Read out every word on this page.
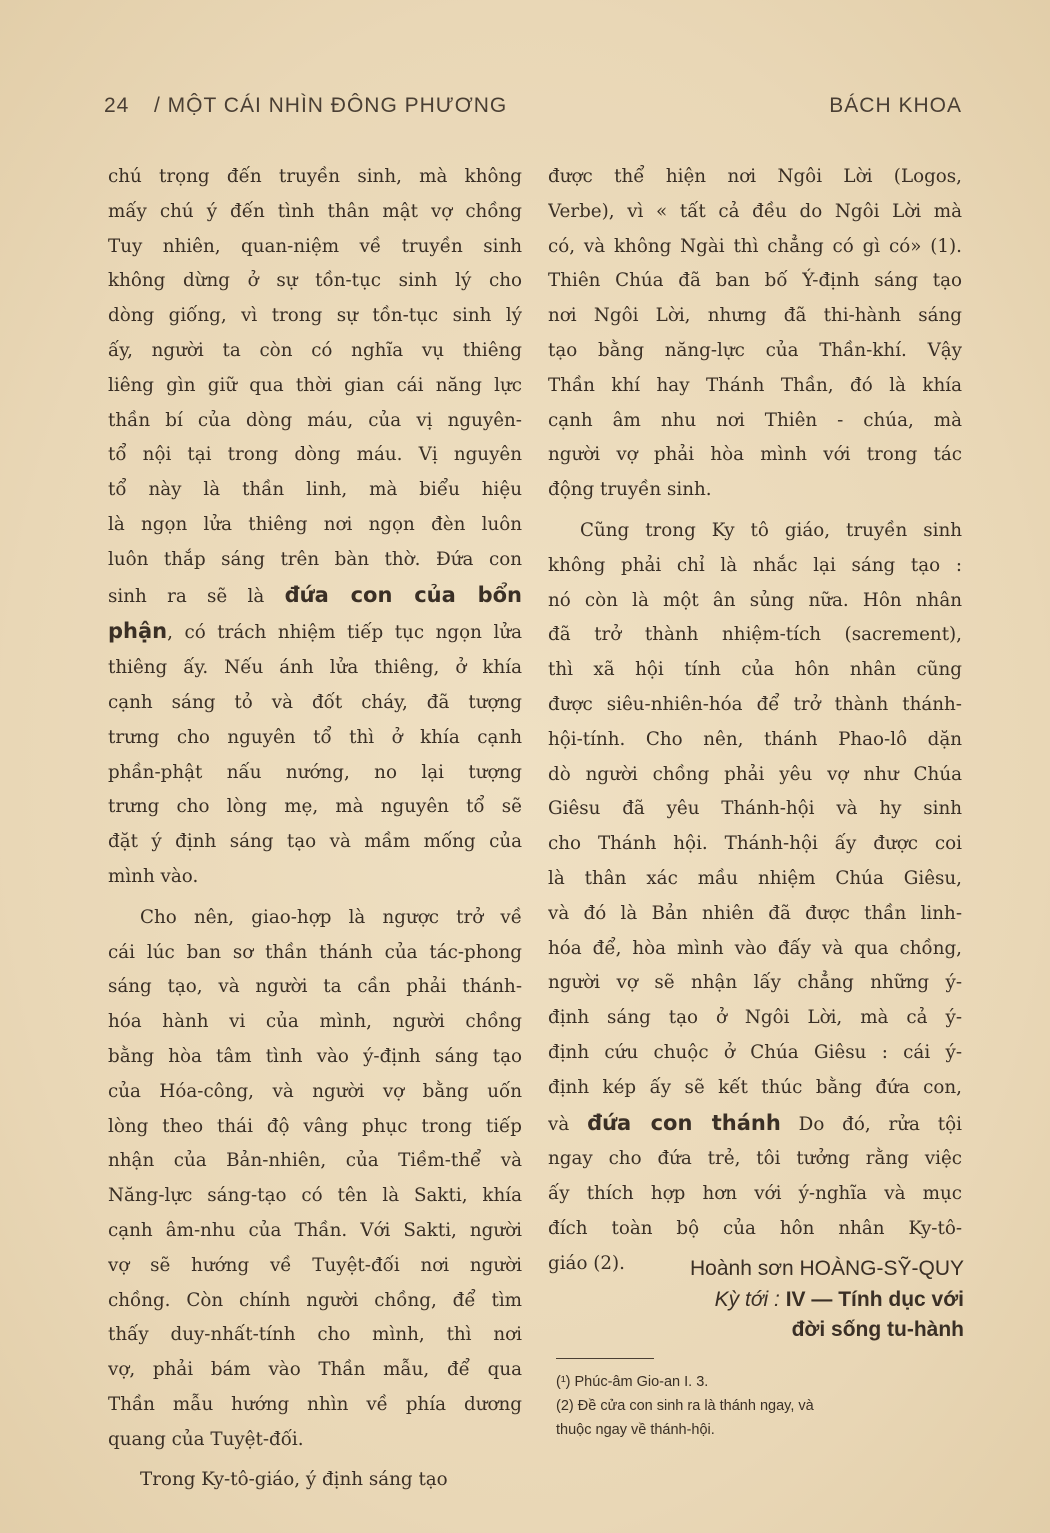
24 / MỘT CÁI NHÌN ĐÔNG PHƯƠNG	BÁCH KHOA
chú trọng đến truyền sinh, mà không
mấy chú ý đến tình thân mật vợ chồng
Tuy nhiên, quan-niệm về truyền sinh
không dừng ở sự tồn-tục sinh lý cho
dòng giống, vì trong sự tồn-tục sinh lý
ấy, người ta còn có nghĩa vụ thiêng
liêng gìn giữ qua thời gian cái năng lực
thần bí của dòng máu, của vị nguyên-
tổ nội tại trong dòng máu. Vị nguyên
tổ này là thần linh, mà biểu hiệu
là ngọn lửa thiêng nơi ngọn đèn luôn
luôn thắp sáng trên bàn thờ. Đứa con
sinh ra sẽ là đứa con của bổn
phận, có trách nhiệm tiếp tục ngọn lửa
thiêng ấy. Nếu ánh lửa thiêng, ở khía
cạnh sáng tỏ và đốt cháy, đã tượng
trưng cho nguyên tổ thì ở khía cạnh
phần-phật nấu nướng, no lại tượng
trưng cho lòng mẹ, mà nguyên tổ sẽ
đặt ý định sáng tạo và mầm mống của
mình vào.
Cho nên, giao-hợp là ngược trở về
cái lúc ban sơ thần thánh của tác-phong
sáng tạo, và người ta cần phải thánh-
hóa hành vi của mình, người chồng
bằng hòa tâm tình vào ý-định sáng tạo
của Hóa-công, và người vợ bằng uốn
lòng theo thái độ vâng phục trong tiếp
nhận của Bản-nhiên, của Tiềm-thể và
Năng-lực sáng-tạo có tên là Sakti, khía
cạnh âm-nhu của Thần. Với Sakti, người
vợ sẽ hướng về Tuyệt-đối nơi người
chồng. Còn chính người chồng, để tìm
thấy duy-nhất-tính cho mình, thì nơi
vợ, phải bám vào Thần mẫu, để qua
Thần mẫu hướng nhìn về phía dương
quang của Tuyệt-đối.
Trong Ky-tô-giáo, ý định sáng tạo
được thể hiện nơi Ngôi Lời (Logos,
Verbe), vì « tất cả đều do Ngôi Lời mà
có, và không Ngài thì chẳng có gì có» (1).
Thiên Chúa đã ban bố Ý-định sáng tạo
nơi Ngôi Lời, nhưng đã thi-hành sáng
tạo bằng năng-lực của Thần-khí. Vậy
Thần khí hay Thánh Thần, đó là khía
cạnh âm nhu nơi Thiên - chúa, mà
người vợ phải hòa mình với trong tác
động truyền sinh.
Cũng trong Ky tô giáo, truyền sinh
không phải chỉ là nhắc lại sáng tạo :
nó còn là một ân sủng nữa. Hôn nhân
đã trở thành nhiệm-tích (sacrement),
thì xã hội tính của hôn nhân cũng
được siêu-nhiên-hóa để trở thành thánh-
hội-tính. Cho nên, thánh Phao-lô dặn
dò người chồng phải yêu vợ như Chúa
Giêsu đã yêu Thánh-hội và hy sinh
cho Thánh hội. Thánh-hội ấy được coi
là thân xác mầu nhiệm Chúa Giêsu,
và đó là Bản nhiên đã được thần linh-
hóa để, hòa mình vào đấy và qua chồng,
người vợ sẽ nhận lấy chẳng những ý-
định sáng tạo ở Ngôi Lời, mà cả ý-
định cứu chuộc ở Chúa Giêsu : cái ý-
định kép ấy sẽ kết thúc bằng đứa con,
và đứa con thánh Do đó, rửa tội
ngay cho đứa trẻ, tôi tưởng rằng việc
ấy thích hợp hơn với ý-nghĩa và mục
đích toàn bộ của hôn nhân Ky-tô-
giáo (2).	Hoành sơn HOÀNG-SỸ-QUY
Kỳ tới : IV — Tính dục với
đời sống tu-hành
(¹) Phúc-âm Gio-an I. 3.
(2) Đề cửa con sinh ra là thánh ngay, và
thuộc ngay về thánh-hội.
